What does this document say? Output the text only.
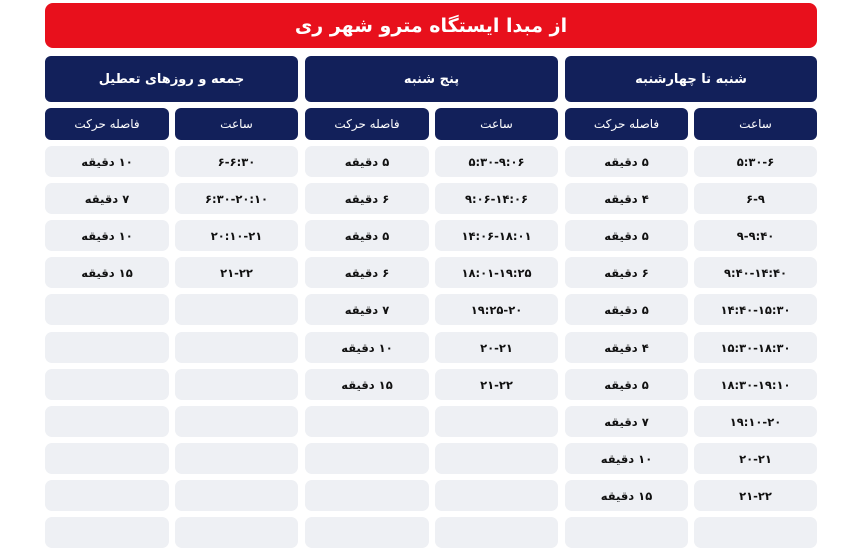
از مبدا ایستگاه مترو شهر ری
شنبه تا چهارشنبه
ساعت
فاصله حرکت
پنج شنبه
ساعت
فاصله حرکت
جمعه و روزهای تعطیل
ساعت
فاصله حرکت
۵:۳۰-۶
۵ دقیقه
۶-۹
۴ دقیقه
۹-۹:۴۰
۵ دقیقه
۹:۴۰-۱۴:۴۰
۶ دقیقه
۱۴:۴۰-۱۵:۳۰
۵ دقیقه
۱۵:۳۰-۱۸:۳۰
۴ دقیقه
۱۸:۳۰-۱۹:۱۰
۵ دقیقه
۱۹:۱۰-۲۰
۷ دقیقه
۲۰-۲۱
۱۰ دقیقه
۲۱-۲۲
۱۵ دقیقه
۵:۳۰-۹:۰۶
۵ دقیقه
۹:۰۶-۱۴:۰۶
۶ دقیقه
۱۴:۰۶-۱۸:۰۱
۵ دقیقه
۱۸:۰۱-۱۹:۲۵
۶ دقیقه
۱۹:۲۵-۲۰
۷ دقیقه
۲۰-۲۱
۱۰ دقیقه
۲۱-۲۲
۱۵ دقیقه
۶-۶:۳۰
۱۰ دقیقه
۶:۳۰-۲۰:۱۰
۷ دقیقه
۲۰:۱۰-۲۱
۱۰ دقیقه
۲۱-۲۲
۱۵ دقیقه
